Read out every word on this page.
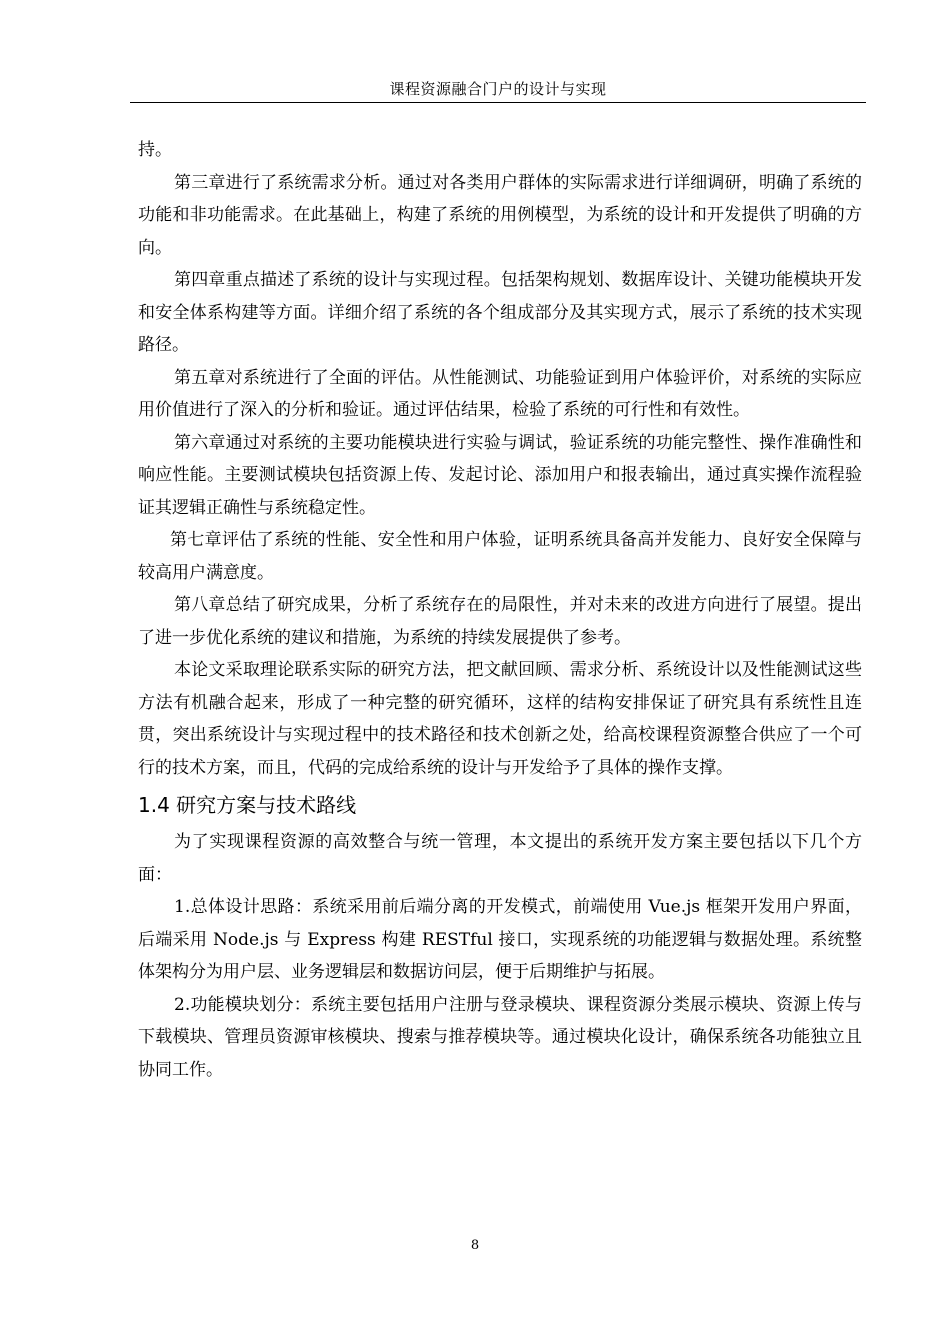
课程资源融合门户的设计与实现

持。

第三章进行了系统需求分析。通过对各类用户群体的实际需求进行详细调研，明确了系统的功能和非功能需求。在此基础上，构建了系统的用例模型，为系统的设计和开发提供了明确的方向。

第四章重点描述了系统的设计与实现过程。包括架构规划、数据库设计、关键功能模块开发和安全体系构建等方面。详细介绍了系统的各个组成部分及其实现方式，展示了系统的技术实现路径。

第五章对系统进行了全面的评估。从性能测试、功能验证到用户体验评价，对系统的实际应用价值进行了深入的分析和验证。通过评估结果，检验了系统的可行性和有效性。

第六章通过对系统的主要功能模块进行实验与调试，验证系统的功能完整性、操作准确性和响应性能。主要测试模块包括资源上传、发起讨论、添加用户和报表输出，通过真实操作流程验证其逻辑正确性与系统稳定性。

第七章评估了系统的性能、安全性和用户体验，证明系统具备高并发能力、良好安全保障与较高用户满意度。

第八章总结了研究成果，分析了系统存在的局限性，并对未来的改进方向进行了展望。提出了进一步优化系统的建议和措施，为系统的持续发展提供了参考。

本论文采取理论联系实际的研究方法，把文献回顾、需求分析、系统设计以及性能测试这些方法有机融合起来，形成了一种完整的研究循环，这样的结构安排保证了研究具有系统性且连贯，突出系统设计与实现过程中的技术路径和技术创新之处，给高校课程资源整合供应了一个可行的技术方案，而且，代码的完成给系统的设计与开发给予了具体的操作支撑。

1.4 研究方案与技术路线

为了实现课程资源的高效整合与统一管理，本文提出的系统开发方案主要包括以下几个方面：

1.总体设计思路：系统采用前后端分离的开发模式，前端使用 Vue.js 框架开发用户界面，后端采用 Node.js 与 Express 构建 RESTful 接口，实现系统的功能逻辑与数据处理。系统整体架构分为用户层、业务逻辑层和数据访问层，便于后期维护与拓展。

2.功能模块划分：系统主要包括用户注册与登录模块、课程资源分类展示模块、资源上传与下载模块、管理员资源审核模块、搜索与推荐模块等。通过模块化设计，确保系统各功能独立且协同工作。

8
